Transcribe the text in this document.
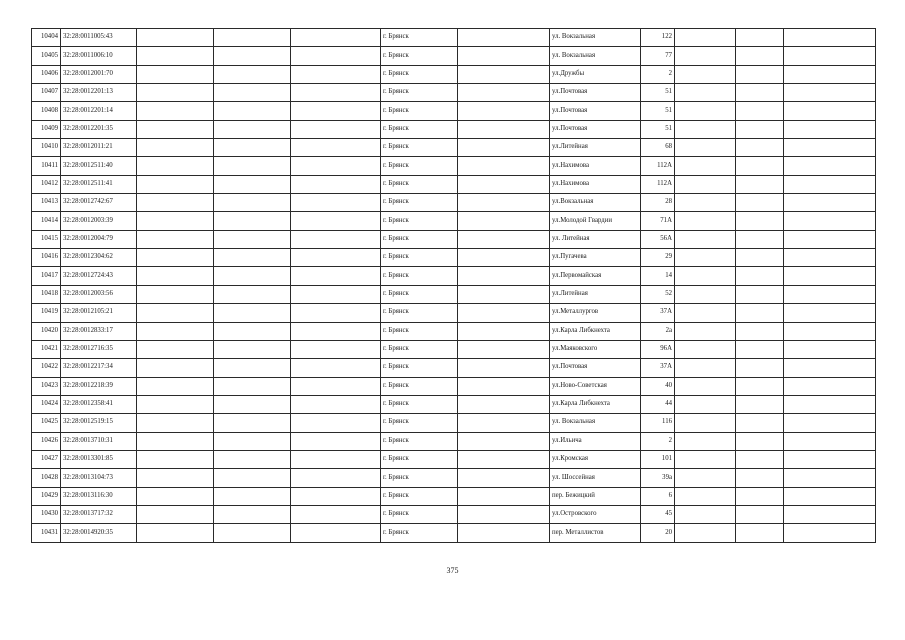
10404	32:28:0011005:43				г. Брянск		ул. Вокзальная	122			
10405	32:28:0011006:10				г. Брянск		ул. Вокзальная	77			
10406	32:28:0012001:70				г. Брянск		ул.Дружбы	2			
10407	32:28:0012201:13				г. Брянск		ул.Почтовая	51			
10408	32:28:0012201:14				г. Брянск		ул.Почтовая	51			
10409	32:28:0012201:35				г. Брянск		ул.Почтовая	51			
10410	32:28:0012011:21				г. Брянск		ул.Литейная	68			
10411	32:28:0012511:40				г. Брянск		ул.Нахимова	112А			
10412	32:28:0012511:41				г. Брянск		ул.Нахимова	112А			
10413	32:28:0012742:67				г. Брянск		ул.Вокзальная	28			
10414	32:28:0012003:39				г. Брянск		ул.Молодой Гвардии	71А			
10415	32:28:0012004:79				г. Брянск		ул. Литейная	56А			
10416	32:28:0012304:62				г. Брянск		ул.Пугачева	29			
10417	32:28:0012724:43				г. Брянск		ул.Первомайская	14			
10418	32:28:0012003:56				г. Брянск		ул.Литейная	52			
10419	32:28:0012105:21				г. Брянск		ул.Металлургов	37А			
10420	32:28:0012833:17				г. Брянск		ул.Карла Либкнехта	2а			
10421	32:28:0012716:35				г. Брянск		ул.Маяковского	96А			
10422	32:28:0012217:34				г. Брянск		ул.Почтовая	37А			
10423	32:28:0012218:39				г. Брянск		ул.Ново-Советская	40			
10424	32:28:0012358:41				г. Брянск		ул.Карла Либкнехта	44			
10425	32:28:0012519:15				г. Брянск		ул. Вокзальная	116			
10426	32:28:0013710:31				г. Брянск		ул.Ильича	2			
10427	32:28:0013301:85				г. Брянск		ул.Кромская	101			
10428	32:28:0013104:73				г. Брянск		ул. Шоссейная	39а			
10429	32:28:0013116:30				г. Брянск		пер. Бежицкий	6			
10430	32:28:0013717:32				г. Брянск		ул.Островского	45			
10431	32:28:0014920:35				г. Брянск		пер. Металлистов	20			
375
